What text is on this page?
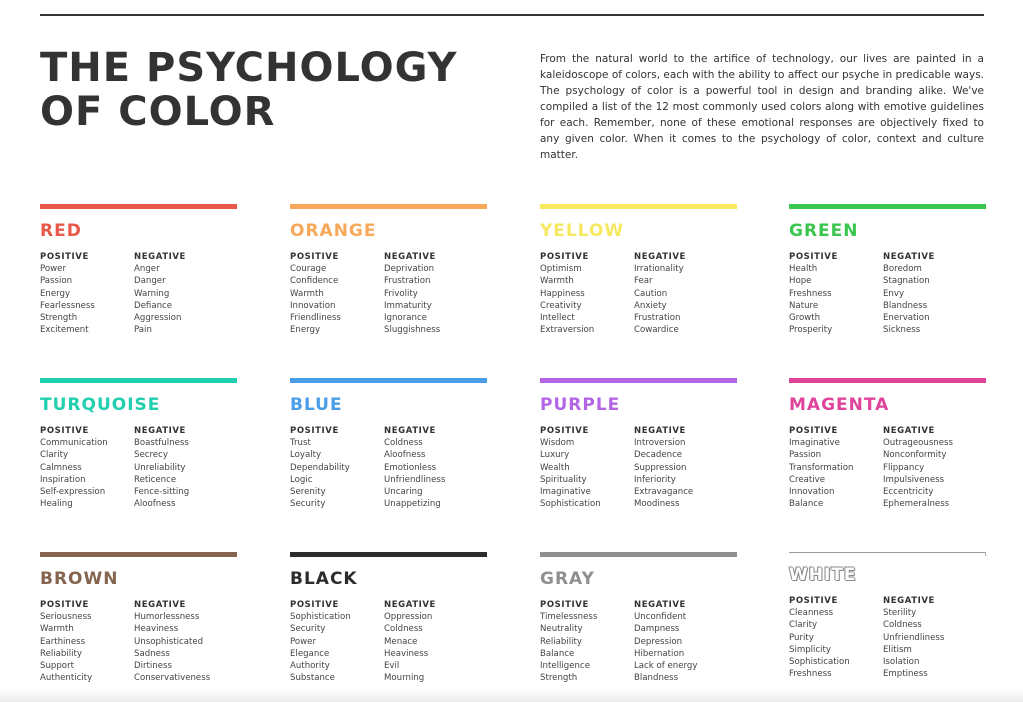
THE PSYCHOLOGY
OF COLOR

From the natural world to the artifice of technology, our lives are painted in a kaleidoscope of colors, each with the ability to affect our psyche in predicable ways. The psychology of color is a powerful tool in design and branding alike. We've compiled a list of the 12 most commonly used colors along with emotive guidelines for each. Remember, none of these emotional responses are objectively fixed to any given color. When it comes to the psychology of color, context and culture matter.

RED
POSITIVE
Power
Passion
Energy
Fearlessness
Strength
Excitement
NEGATIVE
Anger
Danger
Warning
Defiance
Aggression
Pain
ORANGE
POSITIVE
Courage
Confidence
Warmth
Innovation
Friendliness
Energy
NEGATIVE
Deprivation
Frustration
Frivolity
Immaturity
Ignorance
Sluggishness
YELLOW
POSITIVE
Optimism
Warmth
Happiness
Creativity
Intellect
Extraversion
NEGATIVE
Irrationality
Fear
Caution
Anxiety
Frustration
Cowardice
GREEN
POSITIVE
Health
Hope
Freshness
Nature
Growth
Prosperity
NEGATIVE
Boredom
Stagnation
Envy
Blandness
Enervation
Sickness
TURQUOISE
POSITIVE
Communication
Clarity
Calmness
Inspiration
Self-expression
Healing
NEGATIVE
Boastfulness
Secrecy
Unreliability
Reticence
Fence-sitting
Aloofness
BLUE
POSITIVE
Trust
Loyalty
Dependability
Logic
Serenity
Security
NEGATIVE
Coldness
Aloofness
Emotionless
Unfriendliness
Uncaring
Unappetizing
PURPLE
POSITIVE
Wisdom
Luxury
Wealth
Spirituality
Imaginative
Sophistication
NEGATIVE
Introversion
Decadence
Suppression
Inferiority
Extravagance
Moodiness
MAGENTA
POSITIVE
Imaginative
Passion
Transformation
Creative
Innovation
Balance
NEGATIVE
Outrageousness
Nonconformity
Flippancy
Impulsiveness
Eccentricity
Ephemeralness
BROWN
POSITIVE
Seriousness
Warmth
Earthiness
Reliability
Support
Authenticity
NEGATIVE
Humorlessness
Heaviness
Unsophisticated
Sadness
Dirtiness
Conservativeness
BLACK
POSITIVE
Sophistication
Security
Power
Elegance
Authority
Substance
NEGATIVE
Oppression
Coldness
Menace
Heaviness
Evil
Mourning
GRAY
POSITIVE
Timelessness
Neutrality
Reliability
Balance
Intelligence
Strength
NEGATIVE
Unconfident
Dampness
Depression
Hibernation
Lack of energy
Blandness
WHITE
POSITIVE
Cleanness
Clarity
Purity
Simplicity
Sophistication
Freshness
NEGATIVE
Sterility
Coldness
Unfriendliness
Elitism
Isolation
Emptiness
